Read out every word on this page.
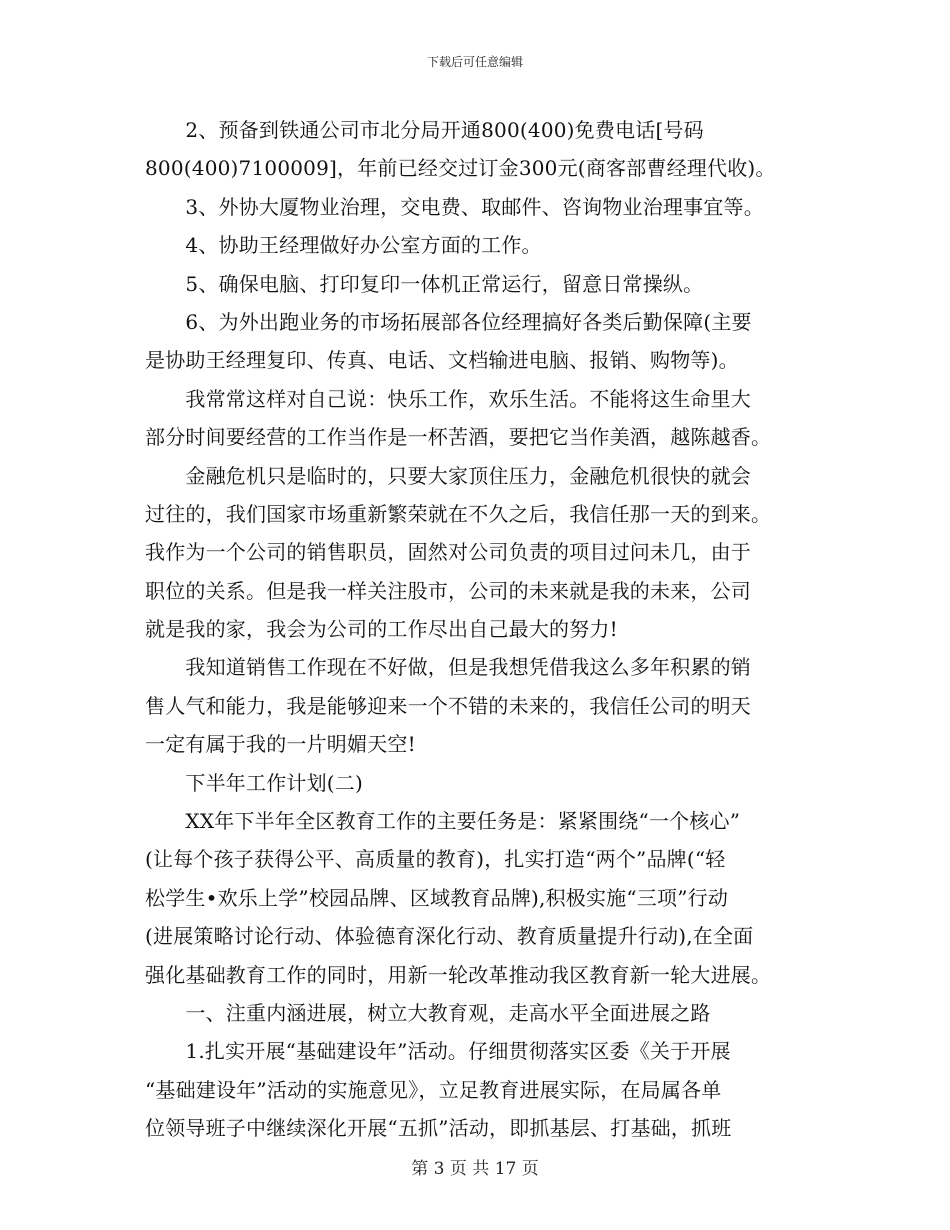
下载后可任意编辑
　　2、预备到铁通公司市北分局开通800(400)免费电话[号码
800(400)7100009]，年前已经交过订金300元(商客部曹经理代收)。
　　3、外协大厦物业治理，交电费、取邮件、咨询物业治理事宜等。
　　4、协助王经理做好办公室方面的工作。
　　5、确保电脑、打印复印一体机正常运行，留意日常操纵。
　　6、为外出跑业务的市场拓展部各位经理搞好各类后勤保障(主要
是协助王经理复印、传真、电话、文档输进电脑、报销、购物等)。
　　我常常这样对自己说：快乐工作，欢乐生活。不能将这生命里大
部分时间要经营的工作当作是一杯苦酒，要把它当作美酒，越陈越香。
　　金融危机只是临时的，只要大家顶住压力，金融危机很快的就会
过往的，我们国家市场重新繁荣就在不久之后，我信任那一天的到来。
我作为一个公司的销售职员，固然对公司负责的项目过问未几，由于
职位的关系。但是我一样关注股市，公司的未来就是我的未来，公司
就是我的家，我会为公司的工作尽出自己最大的努力!
　　我知道销售工作现在不好做，但是我想凭借我这么多年积累的销
售人气和能力，我是能够迎来一个不错的未来的，我信任公司的明天
一定有属于我的一片明媚天空!
　　下半年工作计划(二)
　　XX年下半年全区教育工作的主要任务是：紧紧围绕“一个核心”
(让每个孩子获得公平、高质量的教育)，扎实打造“两个”品牌(“轻
松学生•欢乐上学”校园品牌、区域教育品牌),积极实施“三项”行动
(进展策略讨论行动、体验德育深化行动、教育质量提升行动),在全面
强化基础教育工作的同时，用新一轮改革推动我区教育新一轮大进展。
　　一、注重内涵进展，树立大教育观，走高水平全面进展之路
　　1.扎实开展“基础建设年”活动。仔细贯彻落实区委《关于开展
“基础建设年”活动的实施意见》，立足教育进展实际，在局属各单
位领导班子中继续深化开展“五抓”活动，即抓基层、打基础，抓班
第 3 页 共 17 页
